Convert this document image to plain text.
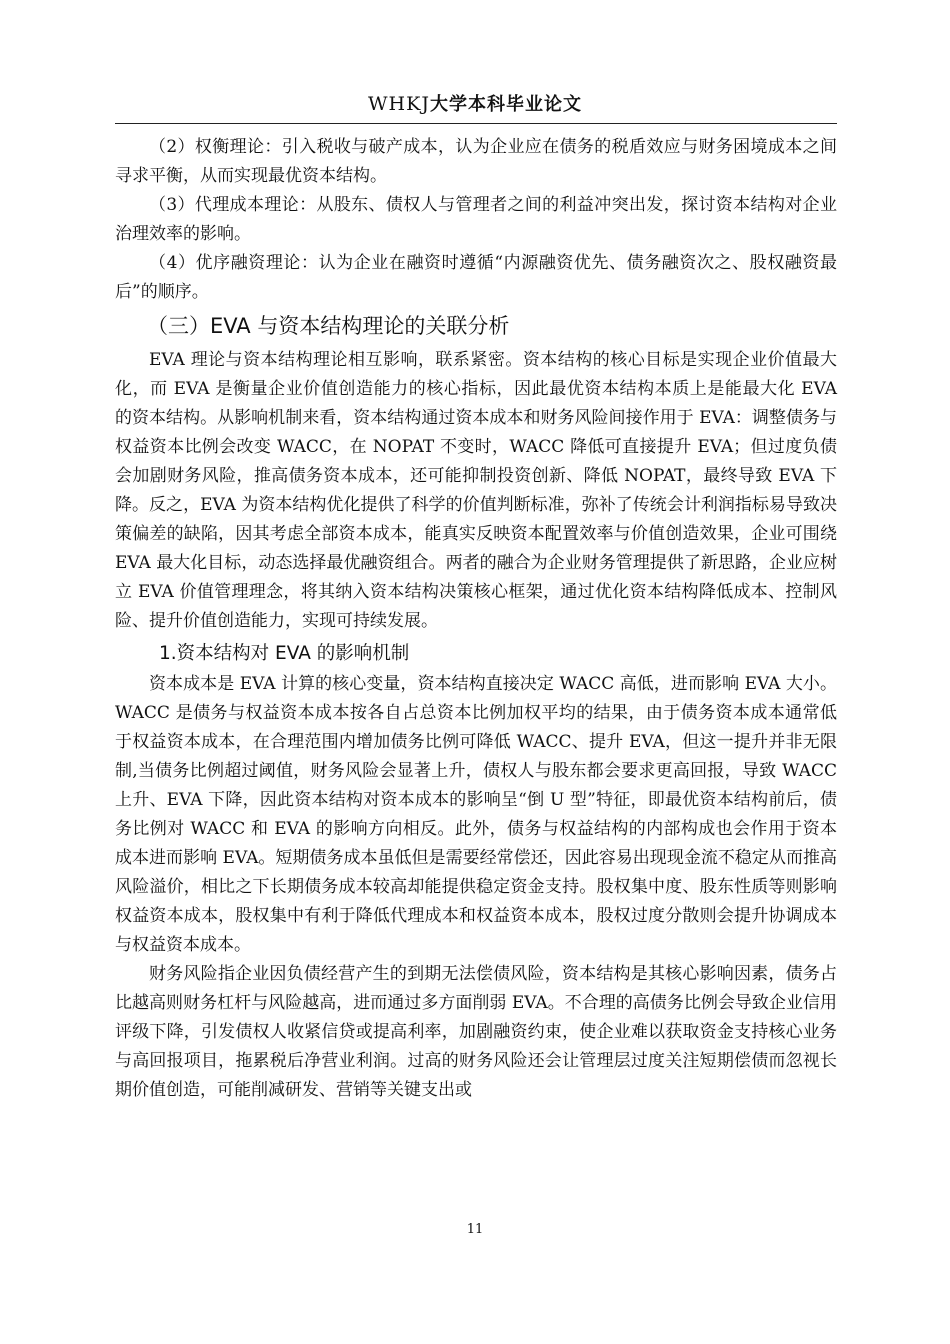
WHKJ大学本科毕业论文

（2）权衡理论：引入税收与破产成本，认为企业应在债务的税盾效应与财务困境成本之间寻求平衡，从而实现最优资本结构。

（3）代理成本理论：从股东、债权人与管理者之间的利益冲突出发，探讨资本结构对企业治理效率的影响。

（4）优序融资理论：认为企业在融资时遵循“内源融资优先、债务融资次之、股权融资最后”的顺序。

（三）EVA 与资本结构理论的关联分析

EVA 理论与资本结构理论相互影响，联系紧密。资本结构的核心目标是实现企业价值最大化，而 EVA 是衡量企业价值创造能力的核心指标，因此最优资本结构本质上是能最大化 EVA 的资本结构。从影响机制来看，资本结构通过资本成本和财务风险间接作用于 EVA：调整债务与权益资本比例会改变 WACC，在 NOPAT 不变时，WACC 降低可直接提升 EVA；但过度负债会加剧财务风险，推高债务资本成本，还可能抑制投资创新、降低 NOPAT，最终导致 EVA 下降。反之，EVA 为资本结构优化提供了科学的价值判断标准，弥补了传统会计利润指标易导致决策偏差的缺陷，因其考虑全部资本成本，能真实反映资本配置效率与价值创造效果，企业可围绕 EVA 最大化目标，动态选择最优融资组合。两者的融合为企业财务管理提供了新思路，企业应树立 EVA 价值管理理念，将其纳入资本结构决策核心框架，通过优化资本结构降低成本、控制风险、提升价值创造能力，实现可持续发展。

1.资本结构对 EVA 的影响机制

资本成本是 EVA 计算的核心变量，资本结构直接决定 WACC 高低，进而影响 EVA 大小。WACC 是债务与权益资本成本按各自占总资本比例加权平均的结果，由于债务资本成本通常低于权益资本成本，在合理范围内增加债务比例可降低 WACC、提升 EVA，但这一提升并非无限制,当债务比例超过阈值，财务风险会显著上升，债权人与股东都会要求更高回报，导致 WACC 上升、EVA 下降，因此资本结构对资本成本的影响呈“倒 U 型”特征，即最优资本结构前后，债务比例对 WACC 和 EVA 的影响方向相反。此外，债务与权益结构的内部构成也会作用于资本成本进而影响 EVA。短期债务成本虽低但是需要经常偿还，因此容易出现现金流不稳定从而推高风险溢价，相比之下长期债务成本较高却能提供稳定资金支持。股权集中度、股东性质等则影响权益资本成本，股权集中有利于降低代理成本和权益资本成本，股权过度分散则会提升协调成本与权益资本成本。

财务风险指企业因负债经营产生的到期无法偿债风险，资本结构是其核心影响因素，债务占比越高则财务杠杆与风险越高，进而通过多方面削弱 EVA。不合理的高债务比例会导致企业信用评级下降，引发债权人收紧信贷或提高利率，加剧融资约束，使企业难以获取资金支持核心业务与高回报项目，拖累税后净营业利润。过高的财务风险还会让管理层过度关注短期偿债而忽视长期价值创造，可能削减研发、营销等关键支出或

11
